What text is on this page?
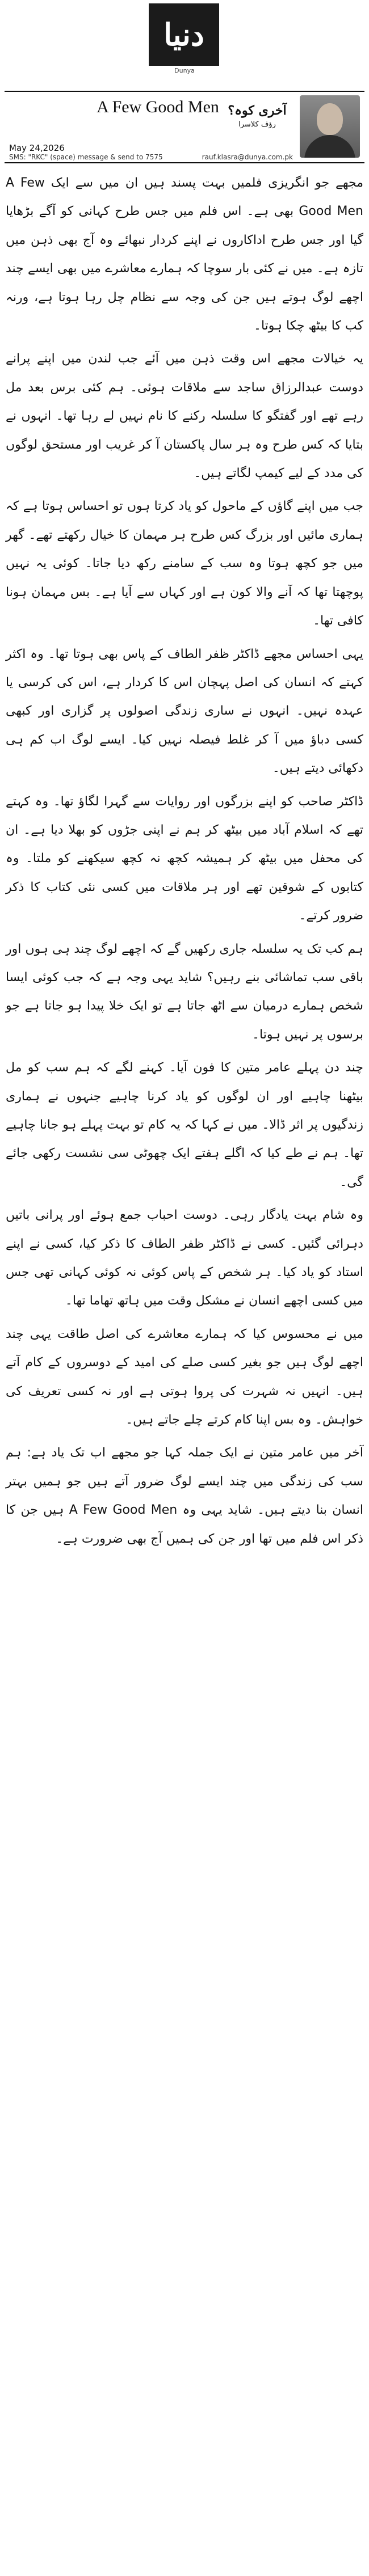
دنیا
Dunya
A Few Good Men
May 24,2026
SMS: "RKC" (space) message & send to 7575
آخری کوہ؟
رؤف کلاسرا
rauf.klasra@dunya.com.pk

مجھے جو انگریزی فلمیں بہت پسند ہیں ان میں سے ایک A Few Good Men بھی ہے۔ اس فلم میں جس طرح کہانی کو آگے بڑھایا گیا اور جس طرح اداکاروں نے اپنے کردار نبھائے وہ آج بھی ذہن میں تازہ ہے۔ میں نے کئی بار سوچا کہ ہمارے معاشرے میں بھی ایسے چند اچھے لوگ ہوتے ہیں جن کی وجہ سے نظام چل رہا ہوتا ہے، ورنہ کب کا بیٹھ چکا ہوتا۔

یہ خیالات مجھے اس وقت ذہن میں آئے جب لندن میں اپنے پرانے دوست عبدالرزاق ساجد سے ملاقات ہوئی۔ ہم کئی برس بعد مل رہے تھے اور گفتگو کا سلسلہ رکنے کا نام نہیں لے رہا تھا۔ انہوں نے بتایا کہ کس طرح وہ ہر سال پاکستان آ کر غریب اور مستحق لوگوں کی مدد کے لیے کیمپ لگاتے ہیں۔

جب میں اپنے گاؤں کے ماحول کو یاد کرتا ہوں تو احساس ہوتا ہے کہ ہماری مائیں اور بزرگ کس طرح ہر مہمان کا خیال رکھتے تھے۔ گھر میں جو کچھ ہوتا وہ سب کے سامنے رکھ دیا جاتا۔ کوئی یہ نہیں پوچھتا تھا کہ آنے والا کون ہے اور کہاں سے آیا ہے۔ بس مہمان ہونا کافی تھا۔

یہی احساس مجھے ڈاکٹر ظفر الطاف کے پاس بھی ہوتا تھا۔ وہ اکثر کہتے کہ انسان کی اصل پہچان اس کا کردار ہے، اس کی کرسی یا عہدہ نہیں۔ انہوں نے ساری زندگی اصولوں پر گزاری اور کبھی کسی دباؤ میں آ کر غلط فیصلہ نہیں کیا۔ ایسے لوگ اب کم ہی دکھائی دیتے ہیں۔

ڈاکٹر صاحب کو اپنے بزرگوں اور روایات سے گہرا لگاؤ تھا۔ وہ کہتے تھے کہ اسلام آباد میں بیٹھ کر ہم نے اپنی جڑوں کو بھلا دیا ہے۔ ان کی محفل میں بیٹھ کر ہمیشہ کچھ نہ کچھ سیکھنے کو ملتا۔ وہ کتابوں کے شوقین تھے اور ہر ملاقات میں کسی نئی کتاب کا ذکر ضرور کرتے۔

ہم کب تک یہ سلسلہ جاری رکھیں گے کہ اچھے لوگ چند ہی ہوں اور باقی سب تماشائی بنے رہیں؟ شاید یہی وجہ ہے کہ جب کوئی ایسا شخص ہمارے درمیان سے اٹھ جاتا ہے تو ایک خلا پیدا ہو جاتا ہے جو برسوں پر نہیں ہوتا۔

چند دن پہلے عامر متین کا فون آیا۔ کہنے لگے کہ ہم سب کو مل بیٹھنا چاہیے اور ان لوگوں کو یاد کرنا چاہیے جنہوں نے ہماری زندگیوں پر اثر ڈالا۔ میں نے کہا کہ یہ کام تو بہت پہلے ہو جانا چاہیے تھا۔ ہم نے طے کیا کہ اگلے ہفتے ایک چھوٹی سی نشست رکھی جائے گی۔

وہ شام بہت یادگار رہی۔ دوست احباب جمع ہوئے اور پرانی باتیں دہرائی گئیں۔ کسی نے ڈاکٹر ظفر الطاف کا ذکر کیا، کسی نے اپنے استاد کو یاد کیا۔ ہر شخص کے پاس کوئی نہ کوئی کہانی تھی جس میں کسی اچھے انسان نے مشکل وقت میں ہاتھ تھاما تھا۔

میں نے محسوس کیا کہ ہمارے معاشرے کی اصل طاقت یہی چند اچھے لوگ ہیں جو بغیر کسی صلے کی امید کے دوسروں کے کام آتے ہیں۔ انہیں نہ شہرت کی پروا ہوتی ہے اور نہ کسی تعریف کی خواہش۔ وہ بس اپنا کام کرتے چلے جاتے ہیں۔

آخر میں عامر متین نے ایک جملہ کہا جو مجھے اب تک یاد ہے: ہم سب کی زندگی میں چند ایسے لوگ ضرور آتے ہیں جو ہمیں بہتر انسان بنا دیتے ہیں۔ شاید یہی وہ A Few Good Men ہیں جن کا ذکر اس فلم میں تھا اور جن کی ہمیں آج بھی ضرورت ہے۔
